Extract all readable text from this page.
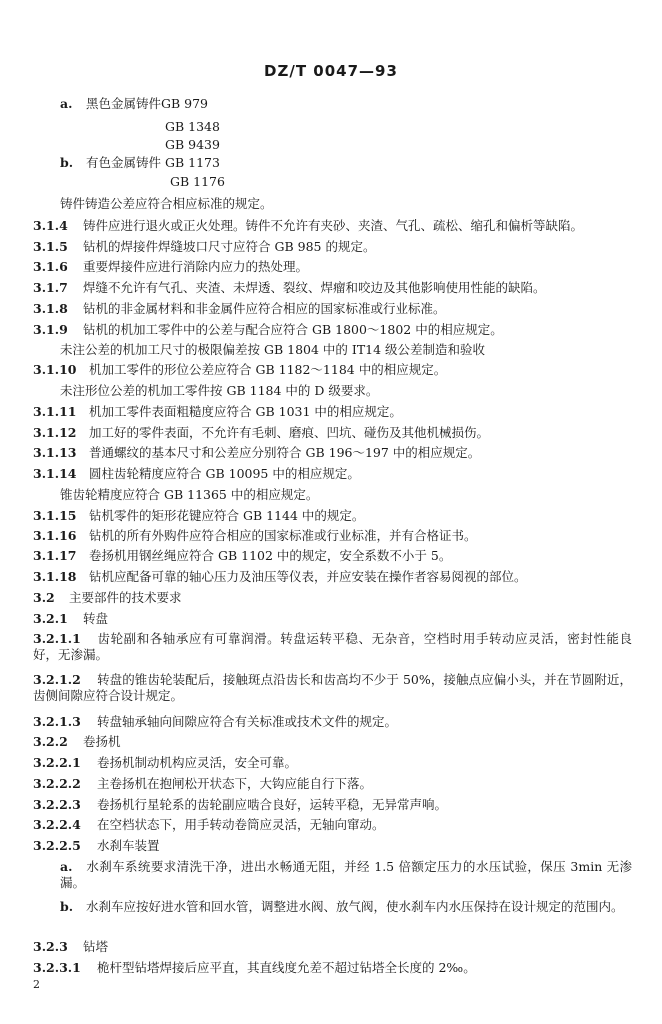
DZ/T 0047—93
a. 黑色金属铸件GB 979
GB 1348
GB 9439
b. 有色金属铸件 GB 1173
GB 1176
铸件铸造公差应符合相应标准的规定。
3.1.4 铸件应进行退火或正火处理。铸件不允许有夹砂、夹渣、气孔、疏松、缩孔和偏析等缺陷。
3.1.5 钻机的焊接件焊缝坡口尺寸应符合 GB 985 的规定。
3.1.6 重要焊接件应进行消除内应力的热处理。
3.1.7 焊缝不允许有气孔、夹渣、未焊透、裂纹、焊瘤和咬边及其他影响使用性能的缺陷。
3.1.8 钻机的非金属材料和非金属件应符合相应的国家标准或行业标准。
3.1.9 钻机的机加工零件中的公差与配合应符合 GB 1800～1802 中的相应规定。
未注公差的机加工尺寸的极限偏差按 GB 1804 中的 IT14 级公差制造和验收
3.1.10 机加工零件的形位公差应符合 GB 1182～1184 中的相应规定。
未注形位公差的机加工零件按 GB 1184 中的 D 级要求。
3.1.11 机加工零件表面粗糙度应符合 GB 1031 中的相应规定。
3.1.12 加工好的零件表面，不允许有毛刺、磨痕、凹坑、碰伤及其他机械损伤。
3.1.13 普通螺纹的基本尺寸和公差应分别符合 GB 196～197 中的相应规定。
3.1.14 圆柱齿轮精度应符合 GB 10095 中的相应规定。
锥齿轮精度应符合 GB 11365 中的相应规定。
3.1.15 钻机零件的矩形花键应符合 GB 1144 中的规定。
3.1.16 钻机的所有外购件应符合相应的国家标准或行业标准，并有合格证书。
3.1.17 卷扬机用钢丝绳应符合 GB 1102 中的规定，安全系数不小于 5。
3.1.18 钻机应配备可靠的轴心压力及油压等仪表，并应安装在操作者容易阅视的部位。
3.2 主要部件的技术要求
3.2.1 转盘
3.2.1.1 齿轮副和各轴承应有可靠润滑。转盘运转平稳、无杂音，空档时用手转动应灵活，密封性能良好，无渗漏。
3.2.1.2 转盘的锥齿轮装配后，接触斑点沿齿长和齿高均不少于 50%，接触点应偏小头，并在节圆附近，齿侧间隙应符合设计规定。
3.2.1.3 转盘轴承轴向间隙应符合有关标准或技术文件的规定。
3.2.2 卷扬机
3.2.2.1 卷扬机制动机构应灵活，安全可靠。
3.2.2.2 主卷扬机在抱闸松开状态下，大钩应能自行下落。
3.2.2.3 卷扬机行星轮系的齿轮副应啮合良好，运转平稳，无异常声响。
3.2.2.4 在空档状态下，用手转动卷筒应灵活，无轴向窜动。
3.2.2.5 水刹车装置
a. 水刹车系统要求清洗干净，进出水畅通无阻，并经 1.5 倍额定压力的水压试验，保压 3min 无渗漏。
b. 水刹车应按好进水管和回水管，调整进水阀、放气阀，使水刹车内水压保持在设计规定的范围内。
3.2.3 钻塔
3.2.3.1 桅杆型钻塔焊接后应平直，其直线度允差不超过钻塔全长度的 2‰。
2
